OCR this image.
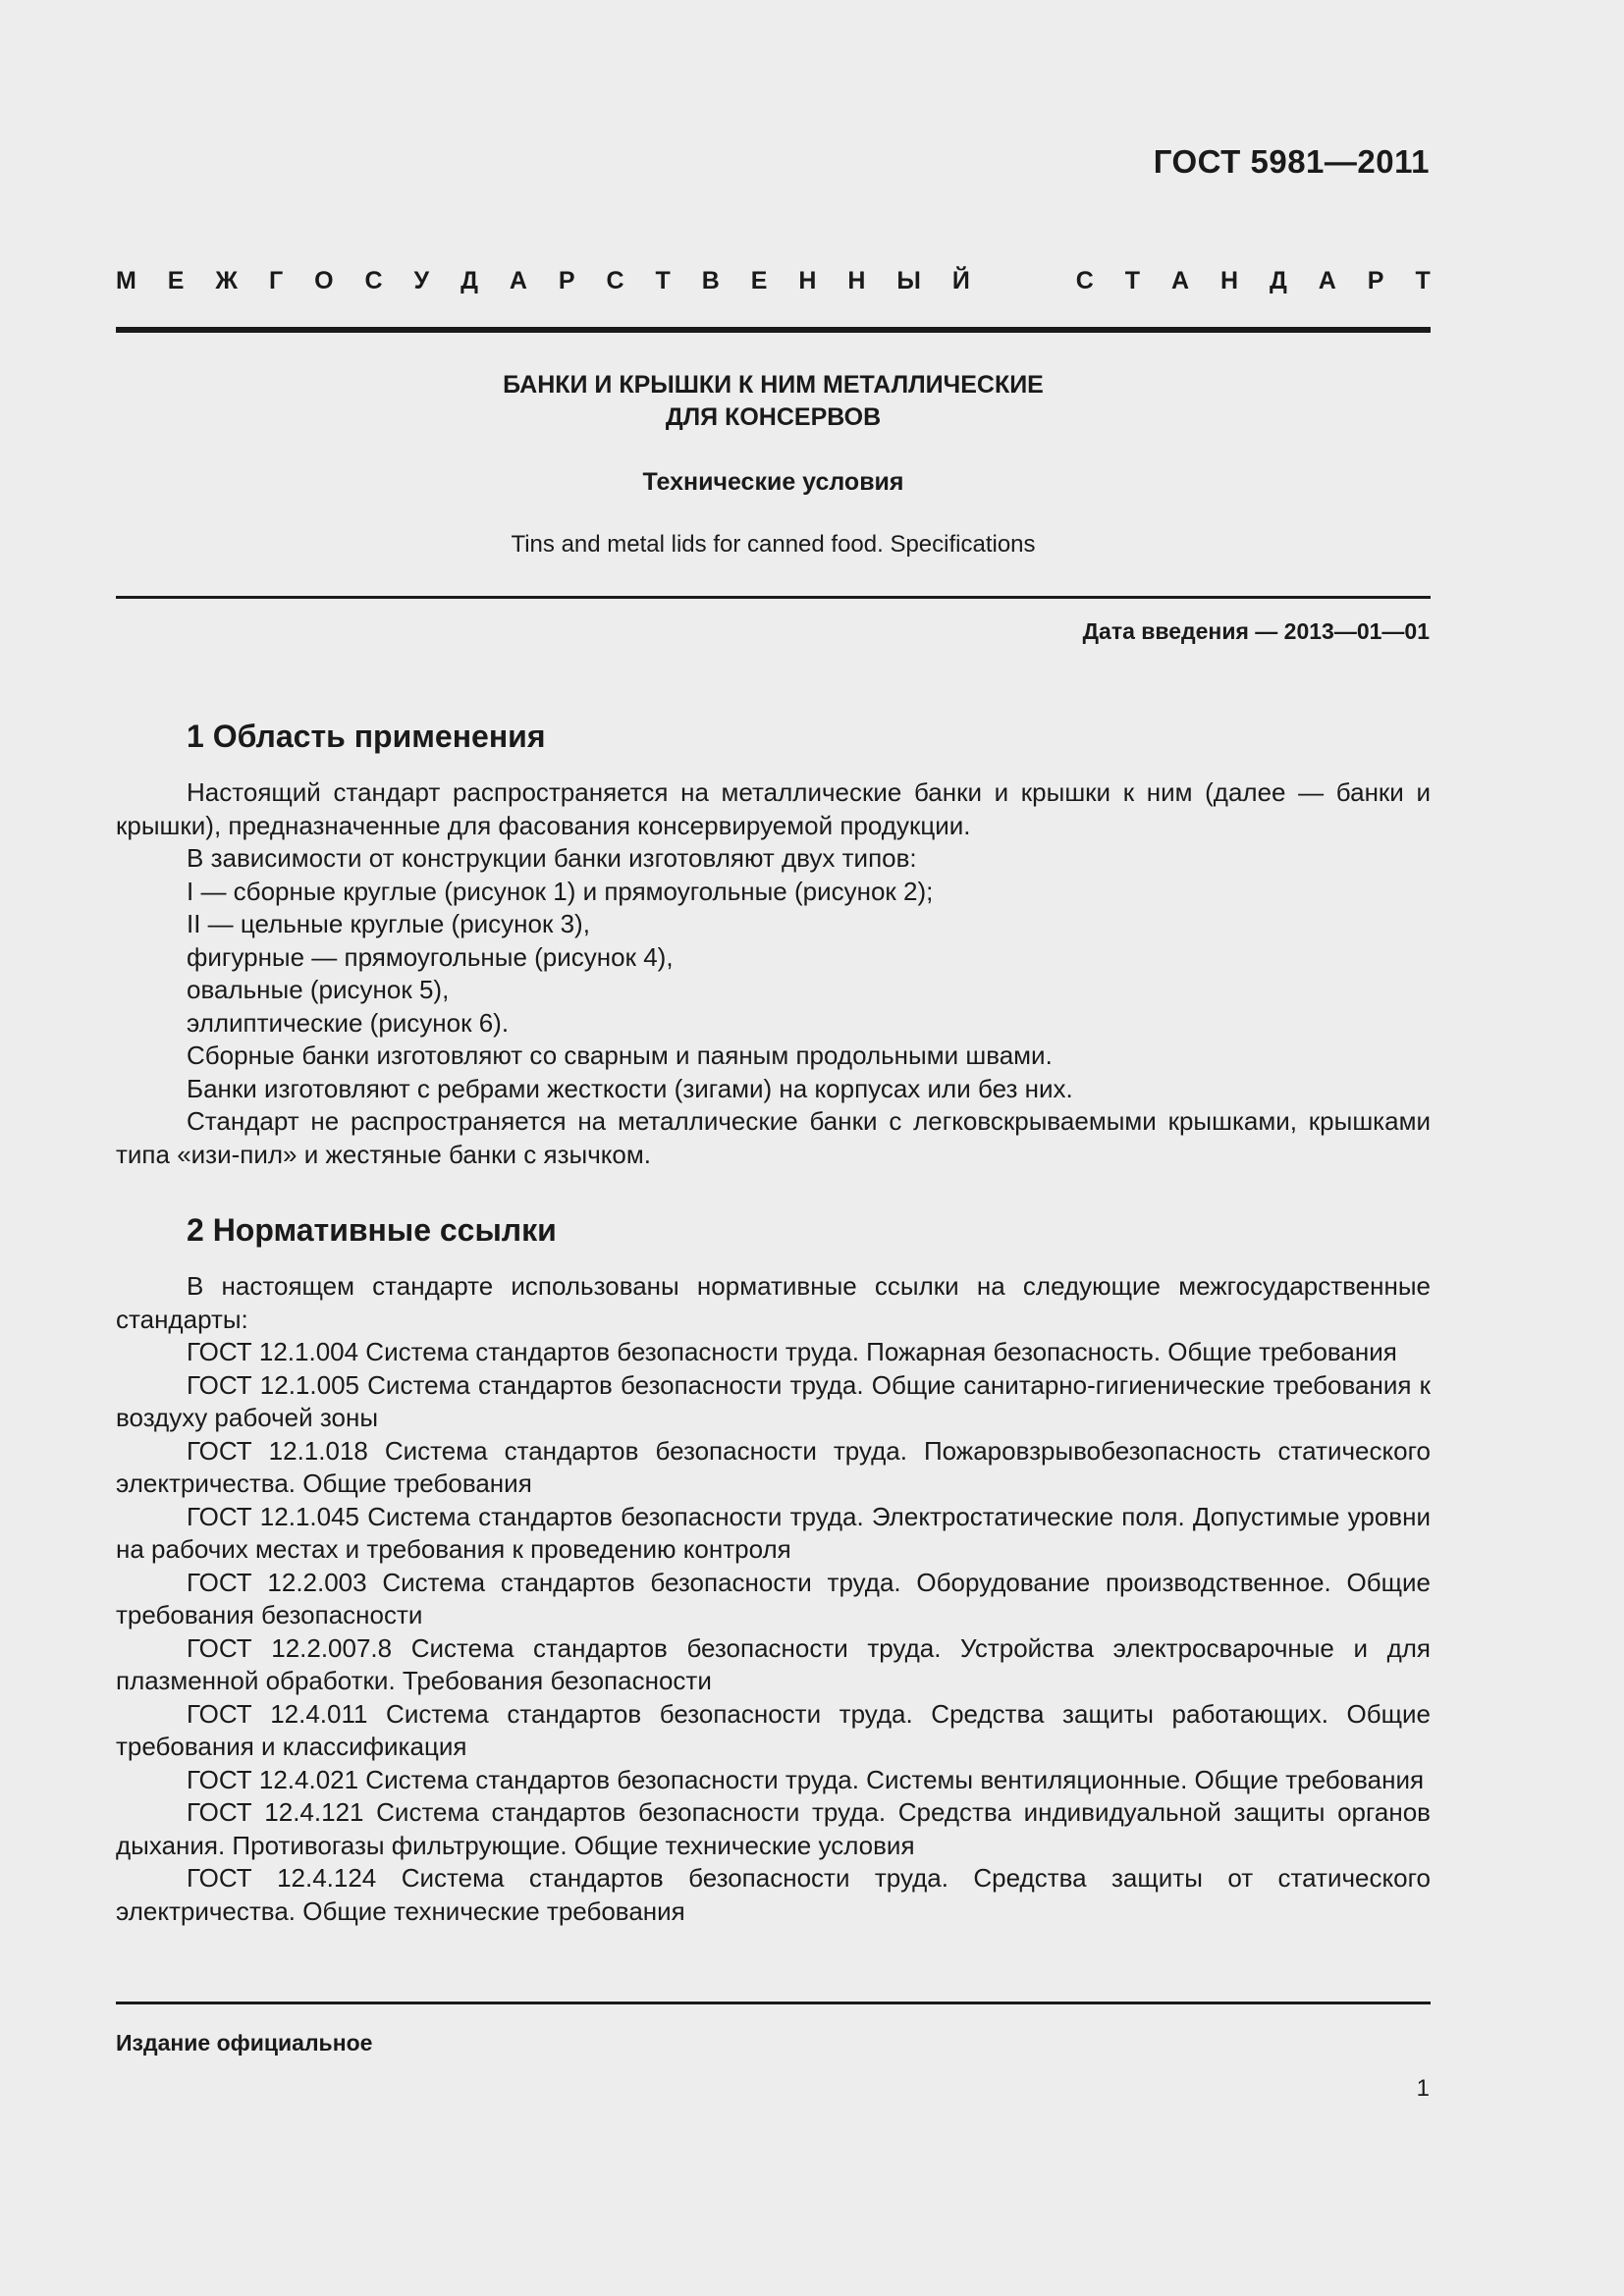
ГОСТ 5981—2011
М Е Ж Г О С У Д А Р С Т В Е Н Н Ы Й	С Т А Н Д А Р Т
БАНКИ И КРЫШКИ К НИМ МЕТАЛЛИЧЕСКИЕ
ДЛЯ КОНСЕРВОВ
Технические условия
Tins and metal lids for canned food. Specifications
Дата введения — 2013—01—01
1 Область применения

Настоящий стандарт распространяется на металлические банки и крышки к ним (далее — банки и крышки), предназначенные для фасования консервируемой продукции.

В зависимости от конструкции банки изготовляют двух типов:

I — сборные круглые (рисунок 1) и прямоугольные (рисунок 2);

II — цельные круглые (рисунок 3),

фигурные — прямоугольные (рисунок 4),

овальные (рисунок 5),

эллиптические (рисунок 6).

Сборные банки изготовляют со сварным и паяным продольными швами.

Банки изготовляют с ребрами жесткости (зигами) на корпусах или без них.

Стандарт не распространяется на металлические банки с легковскрываемыми крышками, крышками типа «изи-пил» и жестяные банки с язычком.

2 Нормативные ссылки

В настоящем стандарте использованы нормативные ссылки на следующие межгосударственные стандарты:

ГОСТ 12.1.004 Система стандартов безопасности труда. Пожарная безопасность. Общие требования

ГОСТ 12.1.005 Система стандартов безопасности труда. Общие санитарно-гигиенические требования к воздуху рабочей зоны

ГОСТ 12.1.018 Система стандартов безопасности труда. Пожаровзрывобезопасность статического электричества. Общие требования

ГОСТ 12.1.045 Система стандартов безопасности труда. Электростатические поля. Допустимые уровни на рабочих местах и требования к проведению контроля

ГОСТ 12.2.003 Система стандартов безопасности труда. Оборудование производственное. Общие требования безопасности

ГОСТ 12.2.007.8 Система стандартов безопасности труда. Устройства электросварочные и для плазменной обработки. Требования безопасности

ГОСТ 12.4.011 Система стандартов безопасности труда. Средства защиты работающих. Общие требования и классификация

ГОСТ 12.4.021 Система стандартов безопасности труда. Системы вентиляционные. Общие требования

ГОСТ 12.4.121 Система стандартов безопасности труда. Средства индивидуальной защиты органов дыхания. Противогазы фильтрующие. Общие технические условия

ГОСТ 12.4.124 Система стандартов безопасности труда. Средства защиты от статического электричества. Общие технические требования

Издание официальное
1
